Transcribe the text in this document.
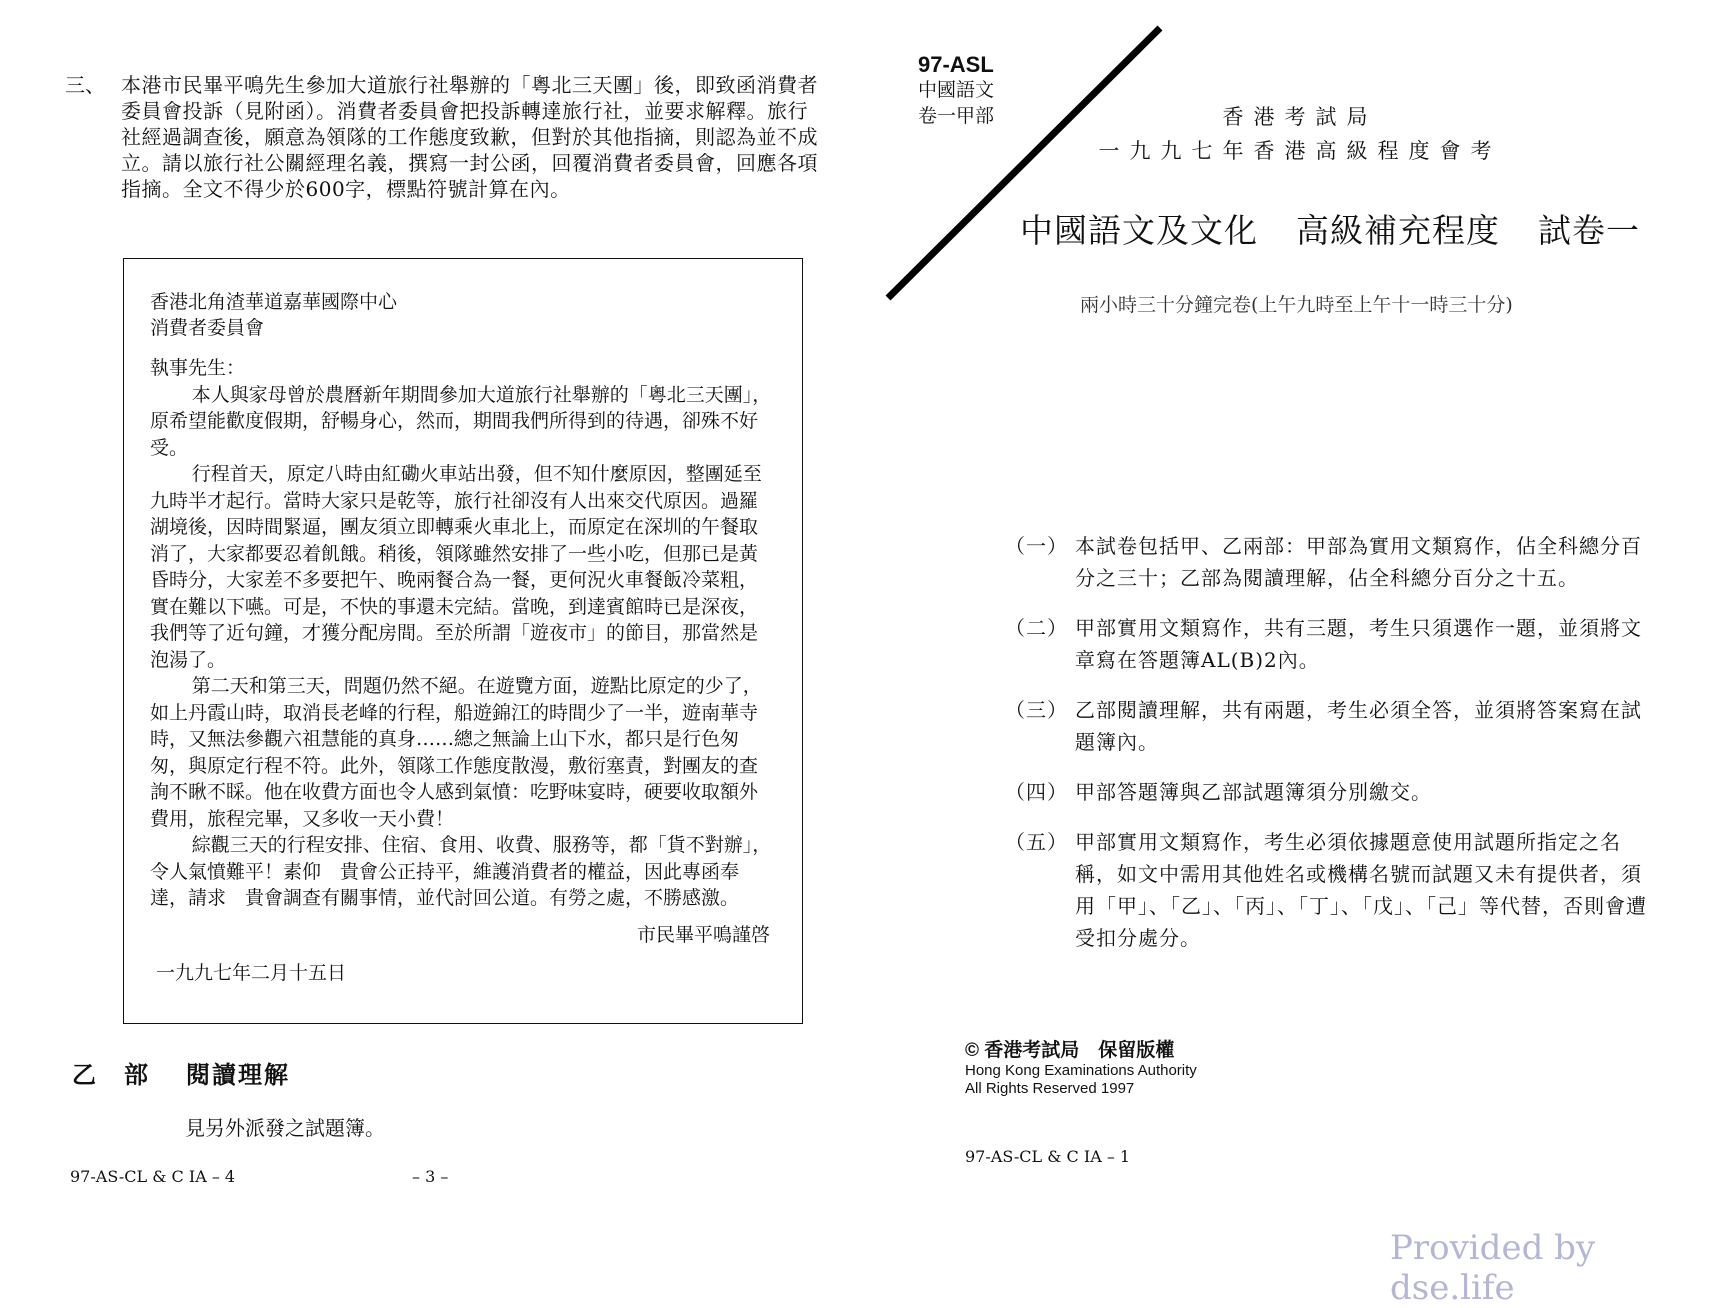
三、 本港市民畢平鳴先生參加大道旅行社舉辦的「粵北三天團」後，即致函消費者委員會投訴（見附函）。消費者委員會把投訴轉達旅行社，並要求解釋。旅行社經過調查後，願意為領隊的工作態度致歉，但對於其他指摘，則認為並不成立。請以旅行社公關經理名義，撰寫一封公函，回覆消費者委員會，回應各項指摘。全文不得少於600字，標點符號計算在內。
香港北角渣華道嘉華國際中心
消費者委員會
執事先生：

本人與家母曾於農曆新年期間參加大道旅行社舉辦的「粵北三天團」，原希望能歡度假期，舒暢身心，然而，期間我們所得到的待遇，卻殊不好受。

行程首天，原定八時由紅磡火車站出發，但不知什麼原因，整團延至九時半才起行。當時大家只是乾等，旅行社卻沒有人出來交代原因。過羅湖境後，因時間緊逼，團友須立即轉乘火車北上，而原定在深圳的午餐取消了，大家都要忍着飢餓。稍後，領隊雖然安排了一些小吃，但那已是黃昏時分，大家差不多要把午、晚兩餐合為一餐，更何況火車餐飯冷菜粗，實在難以下嚥。可是，不快的事還未完結。當晚，到達賓館時已是深夜，我們等了近句鐘，才獲分配房間。至於所謂「遊夜市」的節目，那當然是泡湯了。

第二天和第三天，問題仍然不絕。在遊覽方面，遊點比原定的少了，如上丹霞山時，取消長老峰的行程，船遊錦江的時間少了一半，遊南華寺時，又無法參觀六祖慧能的真身……總之無論上山下水，都只是行色匆匆，與原定行程不符。此外，領隊工作態度散漫，敷衍塞責，對團友的查詢不瞅不睬。他在收費方面也令人感到氣憤：吃野味宴時，硬要收取額外費用，旅程完畢，又多收一天小費！

綜觀三天的行程安排、住宿、食用、收費、服務等，都「貨不對辦」，令人氣憤難平！素仰　貴會公正持平，維護消費者的權益，因此專函奉達，請求　貴會調查有關事情，並代討回公道。有勞之處，不勝感激。

市民畢平鳴謹啓
一九九七年二月十五日
乙　部 閱讀理解
見另外派發之試題簿。
97-AS-CL & C IA – 4	– 3 –
97-ASL
中國語文
卷一甲部	香港考試局
一九九七年香港高級程度會考
中國語文及文化 高級補充程度 試卷一
兩小時三十分鐘完卷(上午九時至上午十一時三十分)
（一） 本試卷包括甲、乙兩部：甲部為實用文類寫作，佔全科總分百分之三十；乙部為閱讀理解，佔全科總分百分之十五。
（二） 甲部實用文類寫作，共有三題，考生只須選作一題，並須將文章寫在答題簿AL(B)2內。
（三） 乙部閱讀理解，共有兩題，考生必須全答，並須將答案寫在試題簿內。
（四） 甲部答題簿與乙部試題簿須分別繳交。
（五） 甲部實用文類寫作，考生必須依據題意使用試題所指定之名稱，如文中需用其他姓名或機構名號而試題又未有提供者，須用「甲」、「乙」、「丙」、「丁」、「戊」、「己」等代替，否則會遭受扣分處分。
© 香港考試局　保留版權
Hong Kong Examinations Authority
All Rights Reserved 1997
97-AS-CL & C IA – 1
Provided by dse.life
